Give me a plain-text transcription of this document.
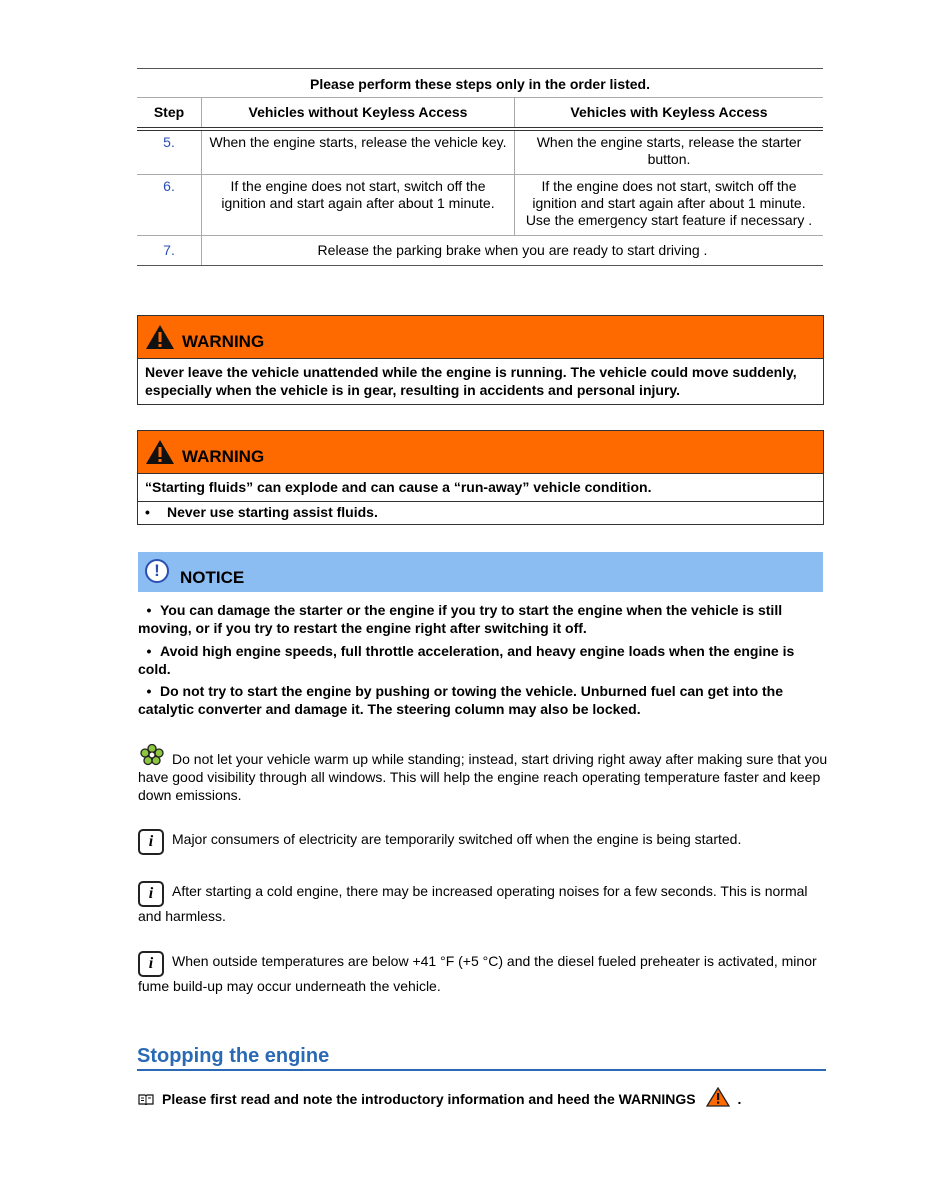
Please perform these steps only in the order listed.		
Step	Vehicles without Keyless Access	Vehicles with Keyless Access
5.	When the engine starts, release the vehicle key.	When the engine starts, release the starter button.
6.	If the engine does not start, switch off the ignition and start again after about 1 minute.	If the engine does not start, switch off the ignition and start again after about 1 minute. Use the emergency start feature if necessary .
7.	Release the parking brake when you are ready to start driving .	
WARNING
Never leave the vehicle unattended while the engine is running. The vehicle could move suddenly, especially when the vehicle is in gear, resulting in accidents and personal injury.
WARNING
“Starting fluids” can explode and can cause a “run-away” vehicle condition.
• Never use starting assist fluids.
!	NOTICE
• You can damage the starter or the engine if you try to start the engine when the vehicle is still moving, or if you try to restart the engine right after switching it off.
• Avoid high engine speeds, full throttle acceleration, and heavy engine loads when the engine is cold.
• Do not try to start the engine by pushing or towing the vehicle. Unburned fuel can get into the catalytic converter and damage it. The steering column may also be locked.
Do not let your vehicle warm up while standing; instead, start driving right away after making sure that you have good visibility through all windows. This will help the engine reach operating temperature faster and keep down emissions.
i Major consumers of electricity are temporarily switched off when the engine is being started.
i After starting a cold engine, there may be increased operating noises for a few seconds. This is normal and harmless.
i When outside temperatures are below +41 °F (+5 °C) and the diesel fueled preheater is activated, minor fume build-up may occur underneath the vehicle.
Stopping the engine
Please first read and note the introductory information and heed the WARNINGS	.
